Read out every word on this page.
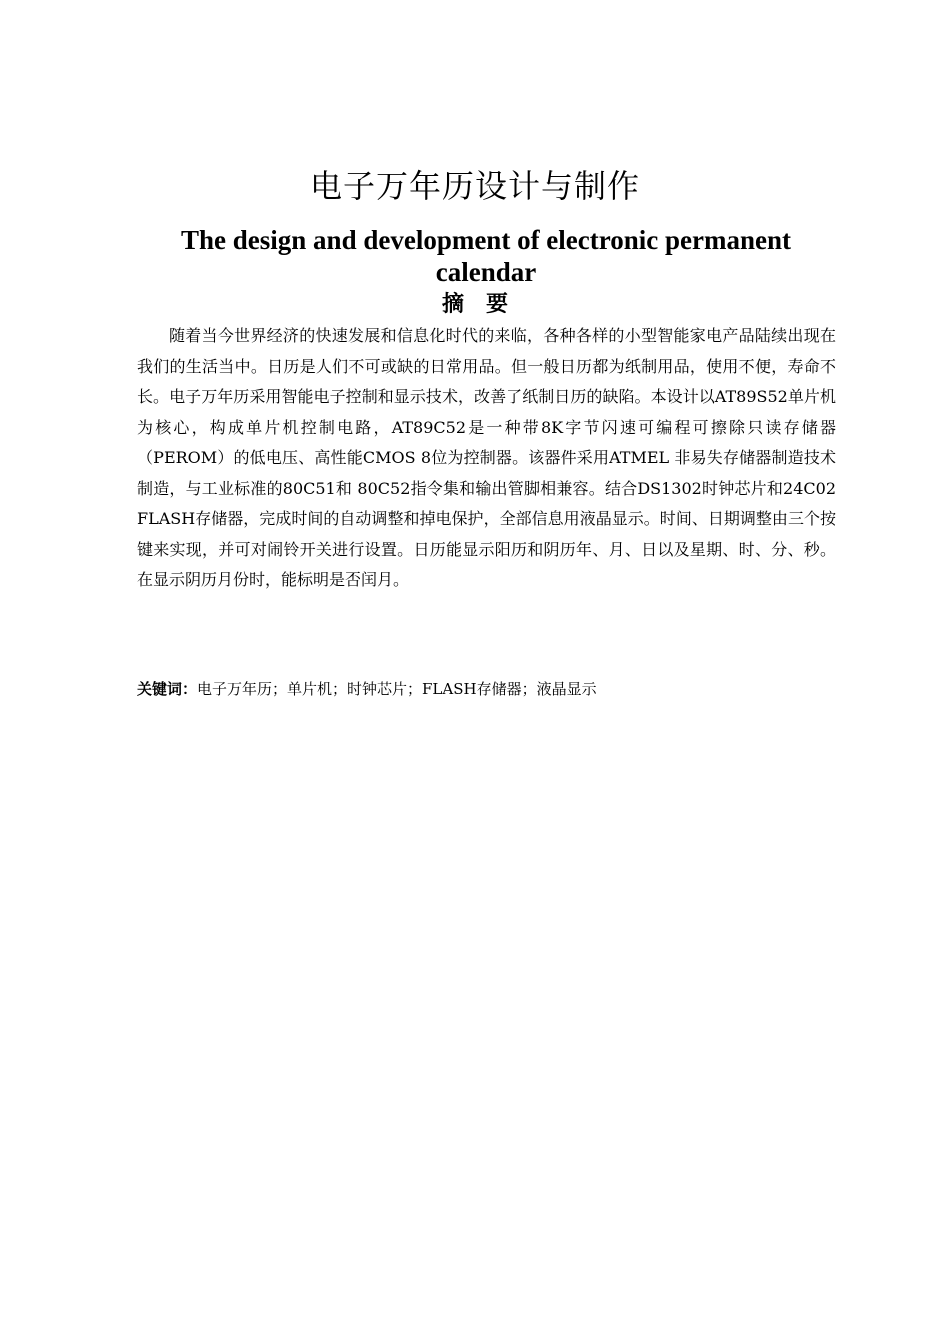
电子万年历设计与制作
The design and development of electronic permanent calendar
摘要

随着当今世界经济的快速发展和信息化时代的来临，各种各样的小型智能家电产品陆续出现在我们的生活当中。日历是人们不可或缺的日常用品。但一般日历都为纸制用品，使用不便，寿命不长。电子万年历采用智能电子控制和显示技术，改善了纸制日历的缺陷。本设计以AT89S52单片机为核心，构成单片机控制电路，AT89C52是一种带8K字节闪速可编程可擦除只读存储器（PEROM）的低电压、高性能CMOS 8位为控制器。该器件采用ATMEL 非易失存储器制造技术制造，与工业标准的80C51和 80C52指令集和输出管脚相兼容。结合DS1302时钟芯片和24C02 FLASH存储器，完成时间的自动调整和掉电保护，全部信息用液晶显示。时间、日期调整由三个按键来实现，并可对闹铃开关进行设置。日历能显示阳历和阴历年、月、日以及星期、时、分、秒。在显示阴历月份时，能标明是否闰月。

关键词：电子万年历；单片机；时钟芯片；FLASH存储器；液晶显示
